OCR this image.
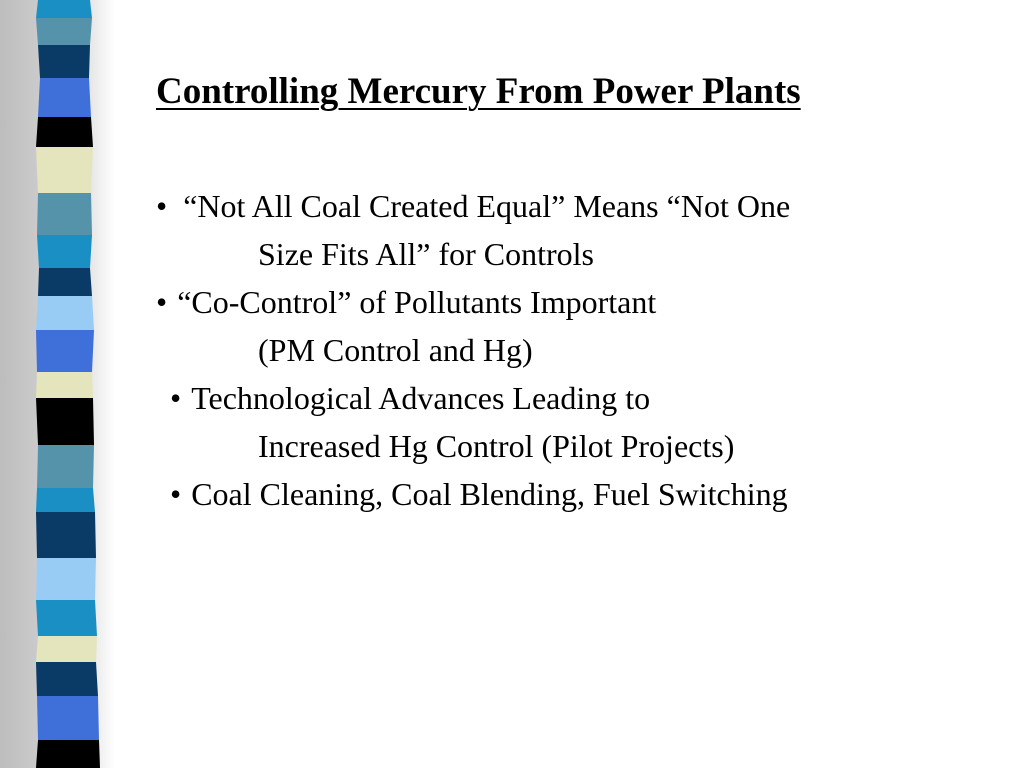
Controlling Mercury From Power Plants

• “Not All Coal Created Equal” Means “Not One

Size Fits All” for Controls

• “Co-Control” of Pollutants Important

(PM Control and Hg)

• Technological Advances Leading to

Increased Hg Control (Pilot Projects)

• Coal Cleaning, Coal Blending, Fuel Switching
